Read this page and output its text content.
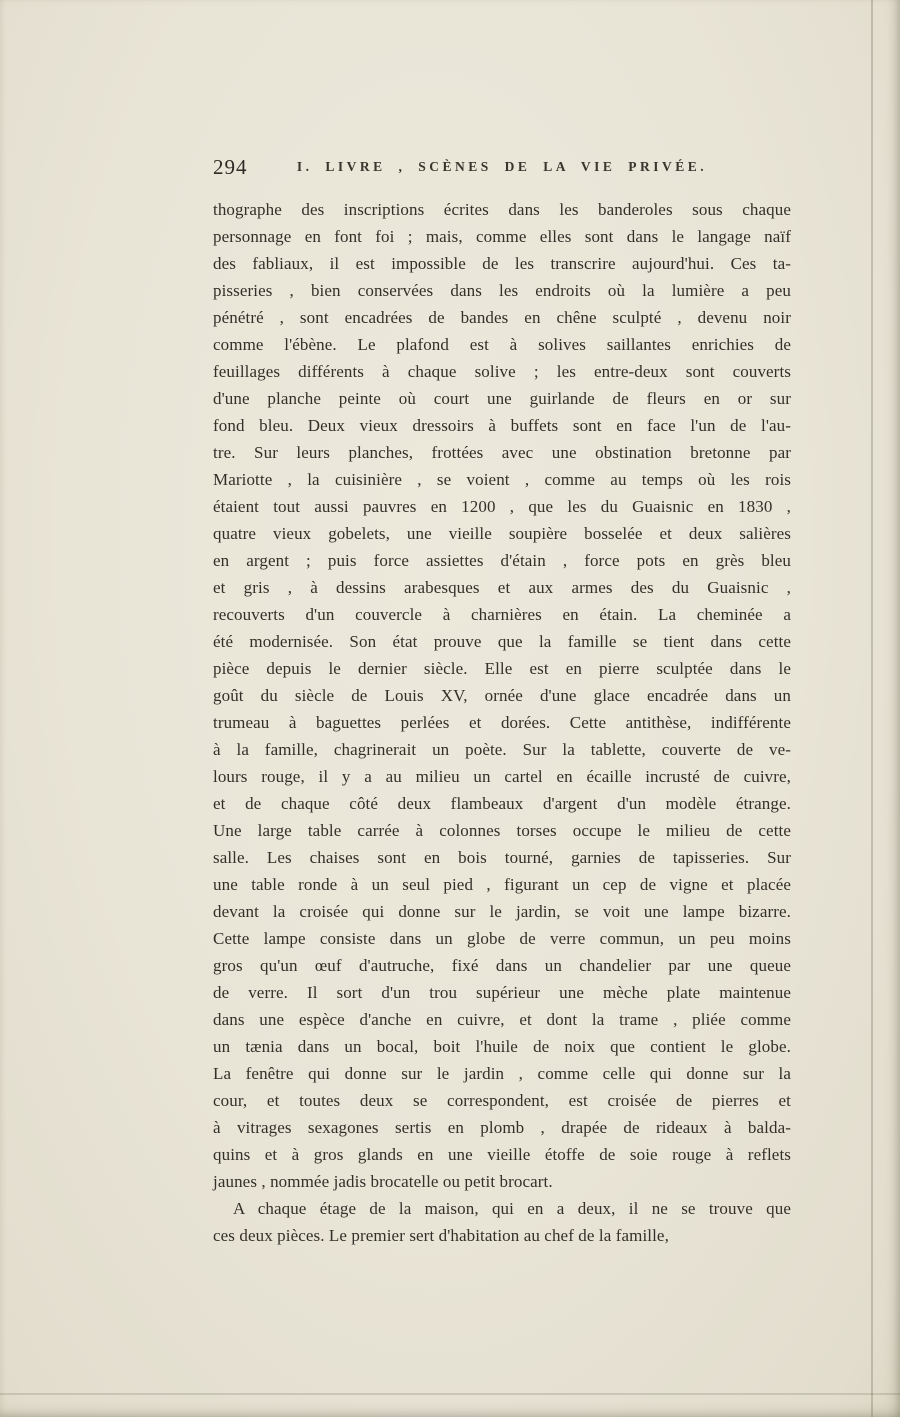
294	I. LIVRE , SCÈNES DE LA VIE PRIVÉE.
thographe des inscriptions écrites dans les banderoles sous chaque
personnage en font foi ; mais, comme elles sont dans le langage naïf
des fabliaux, il est impossible de les transcrire aujourd'hui. Ces ta-
pisseries , bien conservées dans les endroits où la lumière a peu
pénétré , sont encadrées de bandes en chêne sculpté , devenu noir
comme l'ébène. Le plafond est à solives saillantes enrichies de
feuillages différents à chaque solive ; les entre-deux sont couverts
d'une planche peinte où court une guirlande de fleurs en or sur
fond bleu. Deux vieux dressoirs à buffets sont en face l'un de l'au-
tre. Sur leurs planches, frottées avec une obstination bretonne par
Mariotte , la cuisinière , se voient , comme au temps où les rois
étaient tout aussi pauvres en 1200 , que les du Guaisnic en 1830 ,
quatre vieux gobelets, une vieille soupière bosselée et deux salières
en argent ; puis force assiettes d'étain , force pots en grès bleu
et gris , à dessins arabesques et aux armes des du Guaisnic ,
recouverts d'un couvercle à charnières en étain. La cheminée a
été modernisée. Son état prouve que la famille se tient dans cette
pièce depuis le dernier siècle. Elle est en pierre sculptée dans le
goût du siècle de Louis XV, ornée d'une glace encadrée dans un
trumeau à baguettes perlées et dorées. Cette antithèse, indifférente
à la famille, chagrinerait un poète. Sur la tablette, couverte de ve-
lours rouge, il y a au milieu un cartel en écaille incrusté de cuivre,
et de chaque côté deux flambeaux d'argent d'un modèle étrange.
Une large table carrée à colonnes torses occupe le milieu de cette
salle. Les chaises sont en bois tourné, garnies de tapisseries. Sur
une table ronde à un seul pied , figurant un cep de vigne et placée
devant la croisée qui donne sur le jardin, se voit une lampe bizarre.
Cette lampe consiste dans un globe de verre commun, un peu moins
gros qu'un œuf d'autruche, fixé dans un chandelier par une queue
de verre. Il sort d'un trou supérieur une mèche plate maintenue
dans une espèce d'anche en cuivre, et dont la trame , pliée comme
un tænia dans un bocal, boit l'huile de noix que contient le globe.
La fenêtre qui donne sur le jardin , comme celle qui donne sur la
cour, et toutes deux se correspondent, est croisée de pierres et
à vitrages sexagones sertis en plomb , drapée de rideaux à balda-
quins et à gros glands en une vieille étoffe de soie rouge à reflets
jaunes , nommée jadis brocatelle ou petit brocart.
A chaque étage de la maison, qui en a deux, il ne se trouve que
ces deux pièces. Le premier sert d'habitation au chef de la famille,
